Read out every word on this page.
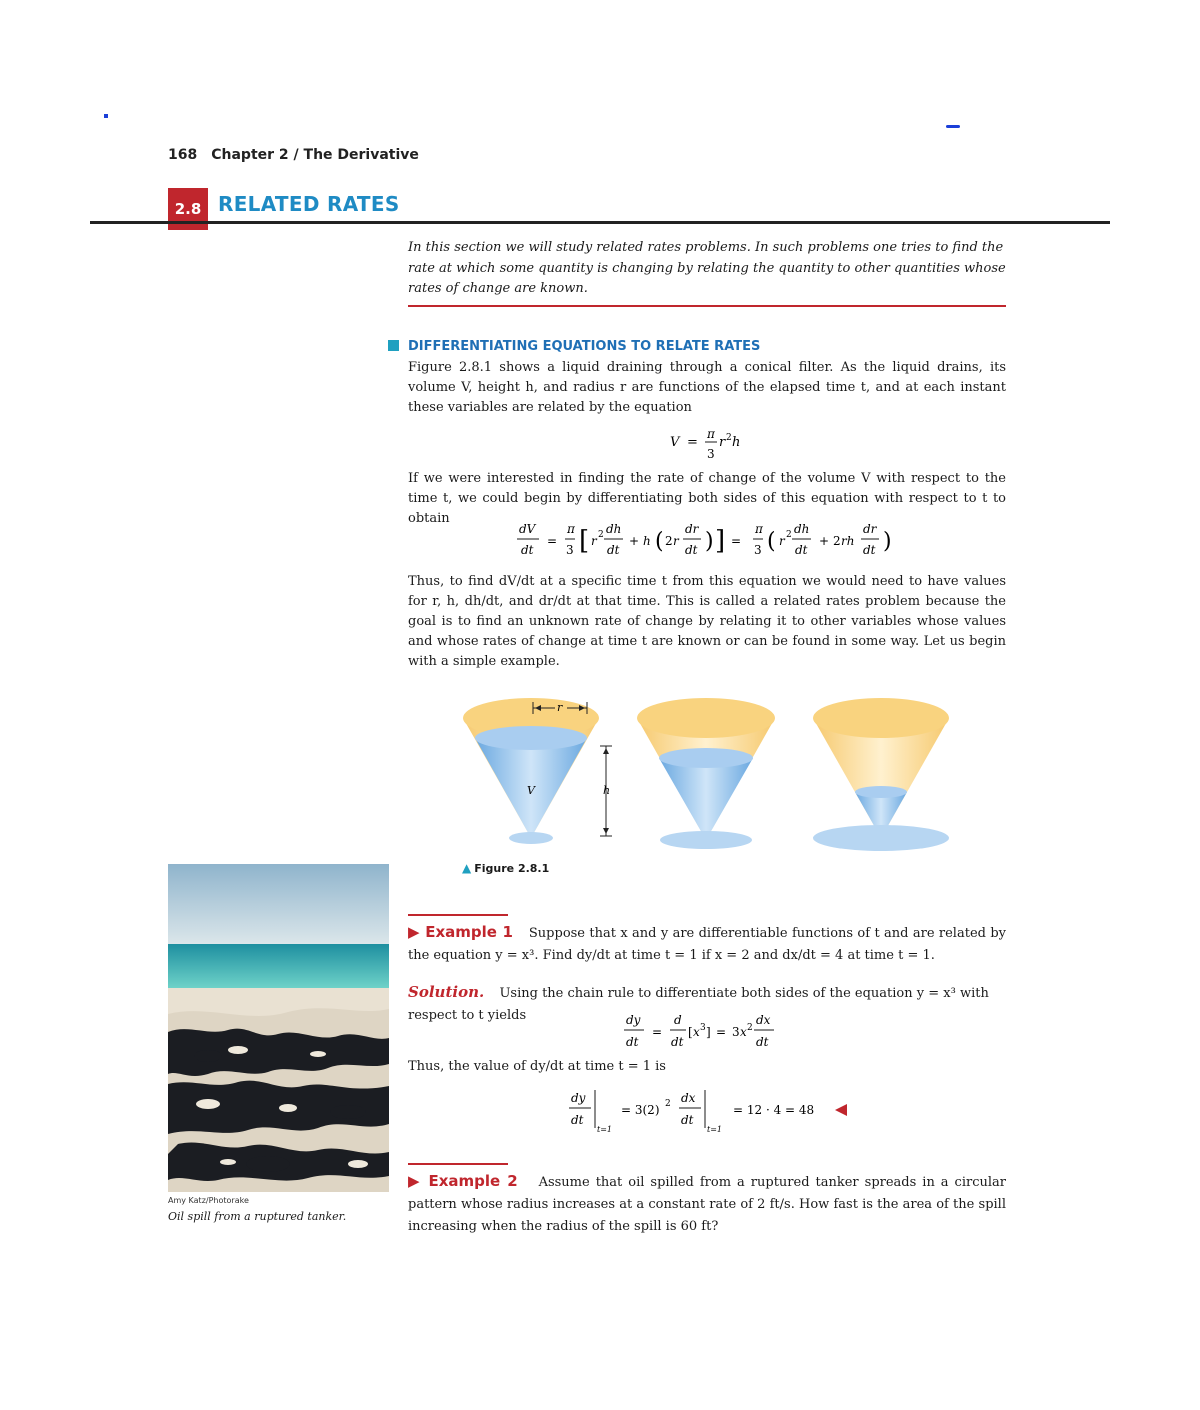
168 Chapter 2 / The Derivative
2.8 RELATED RATES
In this section we will study related rates problems. In such problems one tries to find the rate at which some quantity is changing by relating the quantity to other quantities whose rates of change are known.
DIFFERENTIATING EQUATIONS TO RELATE RATES
Figure 2.8.1 shows a liquid draining through a conical filter. As the liquid drains, its volume V, height h, and radius r are functions of the elapsed time t, and at each instant these variables are related by the equation
V =
π
3
r 2 h
If we were interested in finding the rate of change of the volume V with respect to the time t, we could begin by differentiating both sides of this equation with respect to t to obtain
dV
dt
=
π
3 [ r 2 dh
dt
+ h ( 2 r
dr
dt ) ] =
π
3 ( r 2 dh
dt
+ 2 rh
dr
dt )
Thus, to find dV/dt at a specific time t from this equation we would need to have values for r, h, dh/dt, and dr/dt at that time. This is called a related rates problem because the goal is to find an unknown rate of change by relating it to other variables whose values and whose rates of change at time t are known or can be found in some way. Let us begin with a simple example.
r
V	h
▲ Figure 2.8.1
Amy Katz/Photorake
Oil spill from a ruptured tanker.
▶ Example 1 Suppose that x and y are differentiable functions of t and are related by the equation y = x³. Find dy/dt at time t = 1 if x = 2 and dx/dt = 4 at time t = 1.
Solution. Using the chain rule to differentiate both sides of the equation y = x³ with respect to t yields	dy
dt
=
d
dt
[ x 3 ] = 3 x 2
dx
dt
Thus, the value of dy/dt at time t = 1 is
dy
dt
t=1
= 3(2) 2 dx
dt
t=1
= 12 · 4 = 48
▶ Example 2 Assume that oil spilled from a ruptured tanker spreads in a circular pattern whose radius increases at a constant rate of 2 ft/s. How fast is the area of the spill increasing when the radius of the spill is 60 ft?
